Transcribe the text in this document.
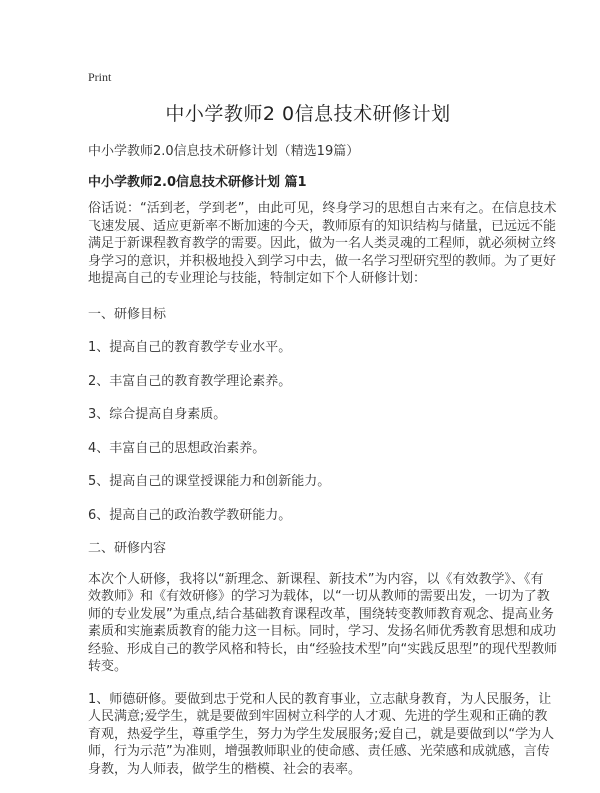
Print
中小学教师2 0信息技术研修计划
中小学教师2.0信息技术研修计划（精选19篇）
中小学教师2.0信息技术研修计划 篇1
俗话说：“活到老，学到老”，由此可见，终身学习的思想自古来有之。在信息技术
飞速发展、适应更新率不断加速的今天，教师原有的知识结构与储量，已远远不能
满足于新课程教育教学的需要。因此，做为一名人类灵魂的工程师，就必须树立终
身学习的意识，并积极地投入到学习中去，做一名学习型研究型的教师。为了更好
地提高自己的专业理论与技能，特制定如下个人研修计划：
一、研修目标
1、提高自己的教育教学专业水平。
2、丰富自己的教育教学理论素养。
3、综合提高自身素质。
4、丰富自己的思想政治素养。
5、提高自己的课堂授课能力和创新能力。
6、提高自己的政治教学教研能力。
二、研修内容
本次个人研修，我将以“新理念、新课程、新技术”为内容，以《有效教学》、《有
效教师》和《有效研修》的学习为载体，以“一切从教师的需要出发，一切为了教
师的专业发展”为重点,结合基础教育课程改革，围绕转变教师教育观念、提高业务
素质和实施素质教育的能力这一目标。同时，学习、发扬名师优秀教育思想和成功
经验、形成自己的教学风格和特长，由“经验技术型”向“实践反思型”的现代型教师
转变。
1、师德研修。要做到忠于党和人民的教育事业，立志献身教育，为人民服务，让
人民满意;爱学生，就是要做到牢固树立科学的人才观、先进的学生观和正确的教
育观，热爱学生，尊重学生，努力为学生发展服务;爱自己，就是要做到以“学为人
师，行为示范”为准则，增强教师职业的使命感、责任感、光荣感和成就感，言传
身教，为人师表，做学生的楷模、社会的表率。
